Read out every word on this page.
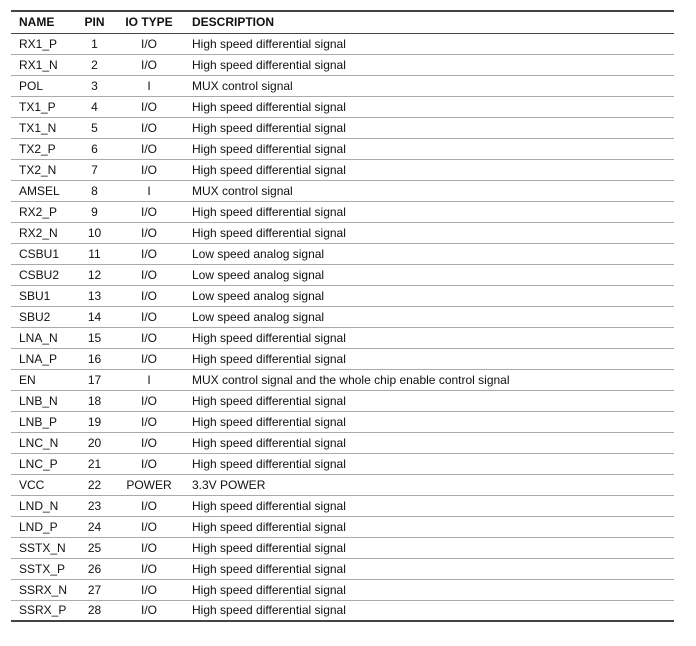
NAME	PIN	IO TYPE	DESCRIPTION
RX1_P	1	I/O	High speed differential signal
RX1_N	2	I/O	High speed differential signal
POL	3	I	MUX control signal
TX1_P	4	I/O	High speed differential signal
TX1_N	5	I/O	High speed differential signal
TX2_P	6	I/O	High speed differential signal
TX2_N	7	I/O	High speed differential signal
AMSEL	8	I	MUX control signal
RX2_P	9	I/O	High speed differential signal
RX2_N	10	I/O	High speed differential signal
CSBU1	11	I/O	Low speed analog signal
CSBU2	12	I/O	Low speed analog signal
SBU1	13	I/O	Low speed analog signal
SBU2	14	I/O	Low speed analog signal
LNA_N	15	I/O	High speed differential signal
LNA_P	16	I/O	High speed differential signal
EN	17	I	MUX control signal and the whole chip enable control signal
LNB_N	18	I/O	High speed differential signal
LNB_P	19	I/O	High speed differential signal
LNC_N	20	I/O	High speed differential signal
LNC_P	21	I/O	High speed differential signal
VCC	22	POWER	3.3V POWER
LND_N	23	I/O	High speed differential signal
LND_P	24	I/O	High speed differential signal
SSTX_N	25	I/O	High speed differential signal
SSTX_P	26	I/O	High speed differential signal
SSRX_N	27	I/O	High speed differential signal
SSRX_P	28	I/O	High speed differential signal
